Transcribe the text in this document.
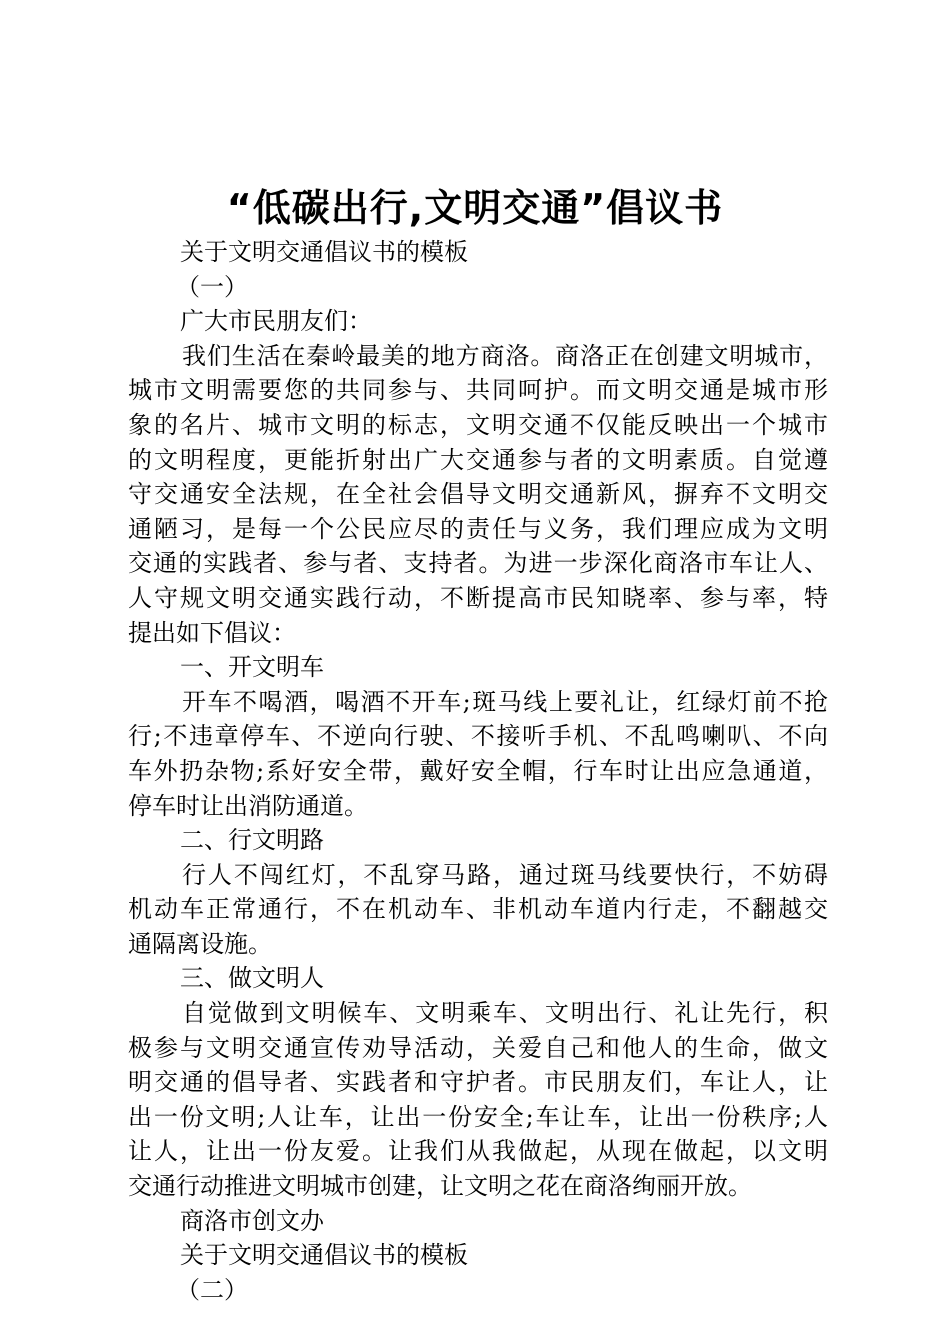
“低碳出行,文明交通”倡议书
关于文明交通倡议书的模板
（一）
广大市民朋友们：
我们生活在秦岭最美的地方商洛。商洛正在创建文明城市，
城市文明需要您的共同参与、共同呵护。而文明交通是城市形
象的名片、城市文明的标志，文明交通不仅能反映出一个城市
的文明程度，更能折射出广大交通参与者的文明素质。自觉遵
守交通安全法规，在全社会倡导文明交通新风，摒弃不文明交
通陋习，是每一个公民应尽的责任与义务，我们理应成为文明
交通的实践者、参与者、支持者。为进一步深化商洛市车让人、
人守规文明交通实践行动，不断提高市民知晓率、参与率，特
提出如下倡议：
一、开文明车
开车不喝酒，喝酒不开车;斑马线上要礼让，红绿灯前不抢
行;不违章停车、不逆向行驶、不接听手机、不乱鸣喇叭、不向
车外扔杂物;系好安全带，戴好安全帽，行车时让出应急通道，
停车时让出消防通道。
二、行文明路
行人不闯红灯，不乱穿马路，通过斑马线要快行，不妨碍
机动车正常通行，不在机动车、非机动车道内行走，不翻越交
通隔离设施。
三、做文明人
自觉做到文明候车、文明乘车、文明出行、礼让先行，积
极参与文明交通宣传劝导活动，关爱自己和他人的生命，做文
明交通的倡导者、实践者和守护者。市民朋友们，车让人，让
出一份文明;人让车，让出一份安全;车让车，让出一份秩序;人
让人，让出一份友爱。让我们从我做起，从现在做起，以文明
交通行动推进文明城市创建，让文明之花在商洛绚丽开放。
商洛市创文办
关于文明交通倡议书的模板
（二）
